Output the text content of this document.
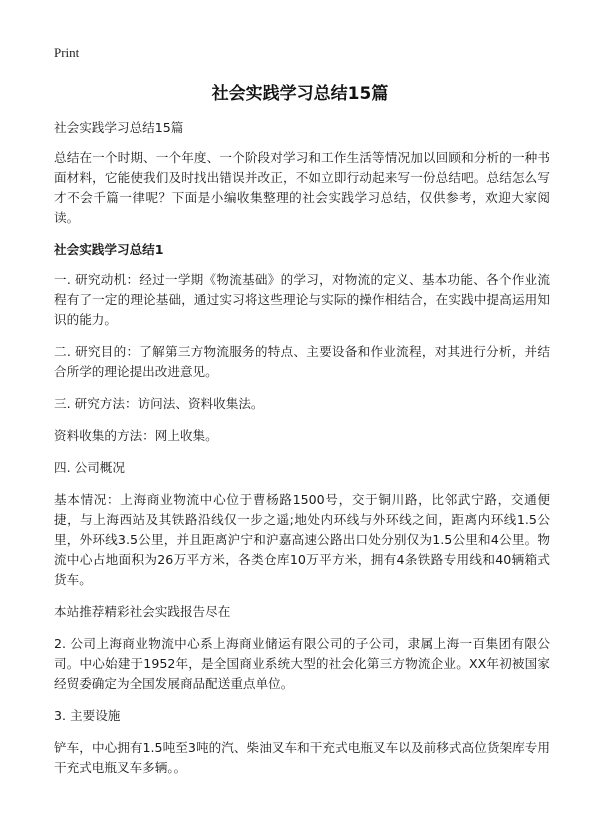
Print
社会实践学习总结15篇

社会实践学习总结15篇

总结在一个时期、一个年度、一个阶段对学习和工作生活等情况加以回顾和分析的一种书面材料，它能使我们及时找出错误并改正，不如立即行动起来写一份总结吧。总结怎么写才不会千篇一律呢？下面是小编收集整理的社会实践学习总结，仅供参考，欢迎大家阅读。

社会实践学习总结1

一. 研究动机：经过一学期《物流基础》的学习，对物流的定义、基本功能、各个作业流程有了一定的理论基础，通过实习将这些理论与实际的操作相结合，在实践中提高运用知识的能力。

二. 研究目的：了解第三方物流服务的特点、主要设备和作业流程，对其进行分析，并结合所学的理论提出改进意见。

三. 研究方法：访问法、资料收集法。

资料收集的方法：网上收集。

四. 公司概况

基本情况：上海商业物流中心位于曹杨路1500号，交于铜川路，比邻武宁路，交通便捷，与上海西站及其铁路沿线仅一步之遥;地处内环线与外环线之间，距离内环线1.5公里，外环线3.5公里，并且距离沪宁和沪嘉高速公路出口处分别仅为1.5公里和4公里。物流中心占地面积为26万平方米，各类仓库10万平方米，拥有4条铁路专用线和40辆箱式货车。

本站推荐精彩社会实践报告尽在

2. 公司上海商业物流中心系上海商业储运有限公司的子公司，隶属上海一百集团有限公司。中心始建于1952年，是全国商业系统大型的社会化第三方物流企业。XX年初被国家经贸委确定为全国发展商品配送重点单位。

3. 主要设施

铲车，中心拥有1.5吨至3吨的汽、柴油叉车和干充式电瓶叉车以及前移式高位货架库专用干充式电瓶叉车多辆。。
